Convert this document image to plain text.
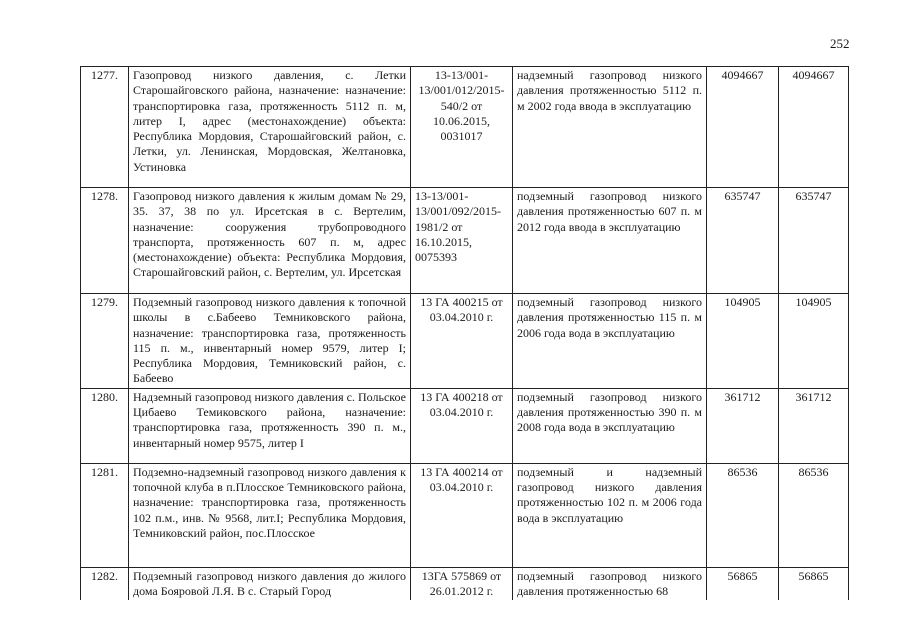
252
1277.	Газопровод низкого давления, с. Летки Старошайговского района, назначение: назначение: транспортировка газа, протяженность 5112 п. м, литер I, адрес (местонахождение) объекта: Республика Мордовия, Старошайговский район, с. Летки, ул. Ленинская, Мордовская, Желтановка, Устиновка	13-13/001-13/001/012/2015-540/2 от 10.06.2015, 0031017	надземный газопровод низкого давления протяженностью 5112 п. м 2002 года ввода в эксплуатацию	4094667	4094667
1278.	Газопровод низкого давления к жилым домам № 29, 35. 37, 38 по ул. Ирсетская в с. Вертелим, назначение: сооружения трубопроводного транспорта, протяженность 607 п. м, адрес (местонахождение) объекта: Республика Мордовия, Старошайговский район, с. Вертелим, ул. Ирсетская	13-13/001-13/001/092/2015-1981/2 от 16.10.2015, 0075393	подземный газопровод низкого давления протяженностью 607 п. м 2012 года ввода в эксплуатацию	635747	635747
1279.	Подземный газопровод низкого давления к топочной школы в с.Бабеево Темниковского района, назначение: транспортировка газа, протяженность 115 п. м., инвентарный номер 9579, литер I; Республика Мордовия, Темниковский район, с. Бабеево	13 ГА 400215 от 03.04.2010 г.	подземный газопровод низкого давления протяженностью 115 п. м 2006 года вода в эксплуатацию	104905	104905
1280.	Надземный газопровод низкого давления с. Польское Цибаево Темиковского района, назначение: транспортировка газа, протяженность 390 п. м., инвентарный номер 9575, литер I	13 ГА 400218 от 03.04.2010 г.	подземный газопровод низкого давления протяженностью 390 п. м 2008 года вода в эксплуатацию	361712	361712
1281.	Подземно-надземный газопровод низкого давления к топочной клуба в п.Плосское Темниковского района, назначение: транспортировка газа, протяженность 102 п.м., инв. № 9568, лит.I; Республика Мордовия, Темниковский район, пос.Плосское	13 ГА 400214 от 03.04.2010 г.	подземный и надземный газопровод низкого давления протяженностью 102 п. м 2006 года вода в эксплуатацию	86536	86536
1282.	Подземный газопровод низкого давления до жилого дома Бояровой Л.Я. В с. Старый Город	13ГА 575869 от 26.01.2012 г.	подземный газопровод низкого давления протяженностью 68	56865	56865
